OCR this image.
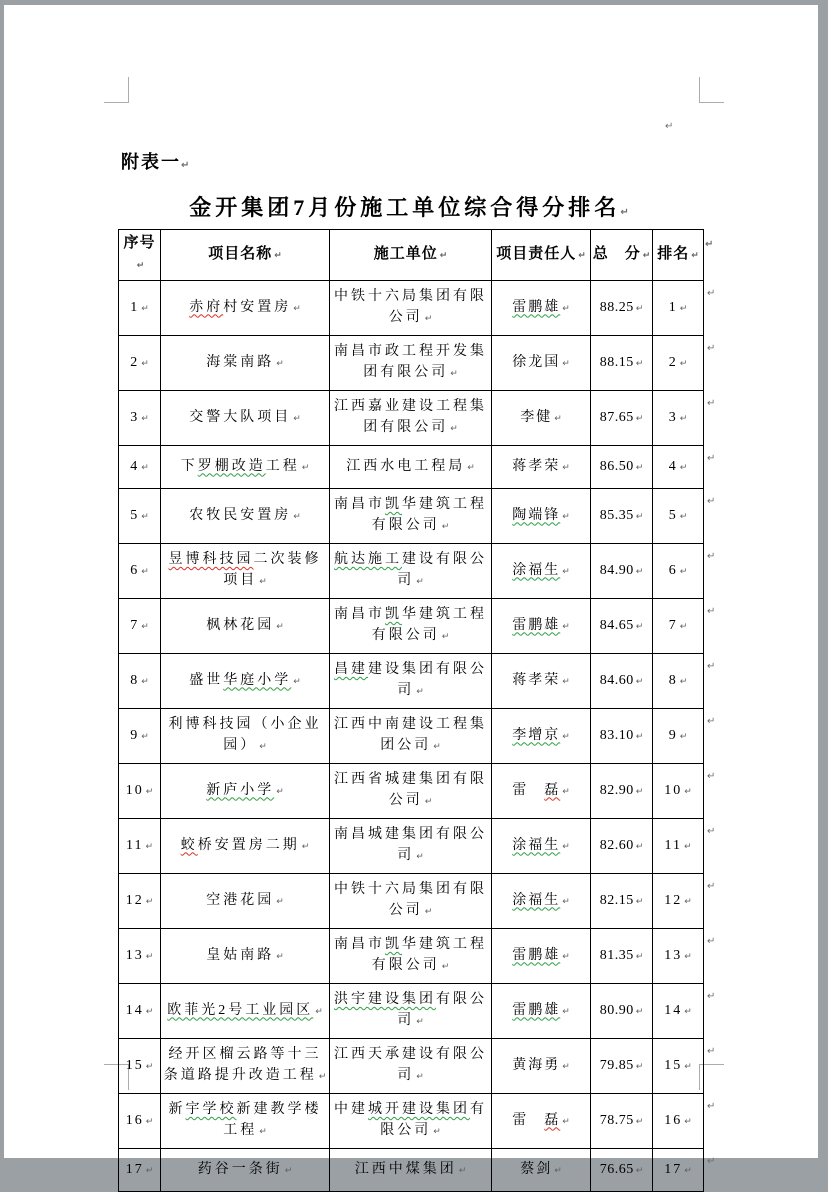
↵
附表一↵
金开集团7月份施工单位综合得分排名↵
序号↵	项目名称 ↵	施工单位 ↵	项目责任人 ↵	总　分 ↵	排名 ↵	↵
1 ↵	赤府村安置房 ↵	中铁十六局集团有限公司 ↵	雷鹏雄 ↵	88.25 ↵	1 ↵	↵
2 ↵	海棠南路 ↵	南昌市政工程开发集团有限公司 ↵	徐龙国 ↵	88.15 ↵	2 ↵	↵
3 ↵	交警大队项目 ↵	江西嘉业建设工程集团有限公司 ↵	李健 ↵	87.65 ↵	3 ↵	↵
4 ↵	下罗棚改造工程 ↵	江西水电工程局 ↵	蒋孝荣 ↵	86.50 ↵	4 ↵	↵
5 ↵	农牧民安置房 ↵	南昌市凯华建筑工程有限公司 ↵	陶端锋 ↵	85.35 ↵	5 ↵	↵
6 ↵	昱博科技园二次装修项目 ↵	航达施工建设有限公司 ↵	涂福生 ↵	84.90 ↵	6 ↵	↵
7 ↵	枫林花园 ↵	南昌市凯华建筑工程有限公司 ↵	雷鹏雄 ↵	84.65 ↵	7 ↵	↵
8 ↵	盛世华庭小学 ↵	昌建建设集团有限公司 ↵	蒋孝荣 ↵	84.60 ↵	8 ↵	↵
9 ↵	利博科技园（小企业园） ↵	江西中南建设工程集团公司 ↵	李增京 ↵	83.10 ↵	9 ↵	↵
10 ↵	新庐小学 ↵	江西省城建集团有限公司 ↵	雷　磊 ↵	82.90 ↵	10 ↵	↵
11 ↵	蛟桥安置房二期 ↵	南昌城建集团有限公司 ↵	涂福生 ↵	82.60 ↵	11 ↵	↵
12 ↵	空港花园 ↵	中铁十六局集团有限公司 ↵	涂福生 ↵	82.15 ↵	12 ↵	↵
13 ↵	皇姑南路 ↵	南昌市凯华建筑工程有限公司 ↵	雷鹏雄 ↵	81.35 ↵	13 ↵	↵
14 ↵	欧菲光2号工业园区 ↵	洪宇建设集团有限公司 ↵	雷鹏雄 ↵	80.90 ↵	14 ↵	↵
15 ↵	经开区榴云路等十三条道路提升改造工程 ↵	江西天承建设有限公司 ↵	黄海勇 ↵	79.85 ↵	15 ↵	↵
16 ↵	新宇学校新建教学楼工程 ↵	中建城开建设集团有限公司 ↵	雷　磊 ↵	78.75 ↵	16 ↵	↵
17 ↵	药谷一条街 ↵	江西中煤集团 ↵	蔡剑 ↵	76.65 ↵	17 ↵	↵
